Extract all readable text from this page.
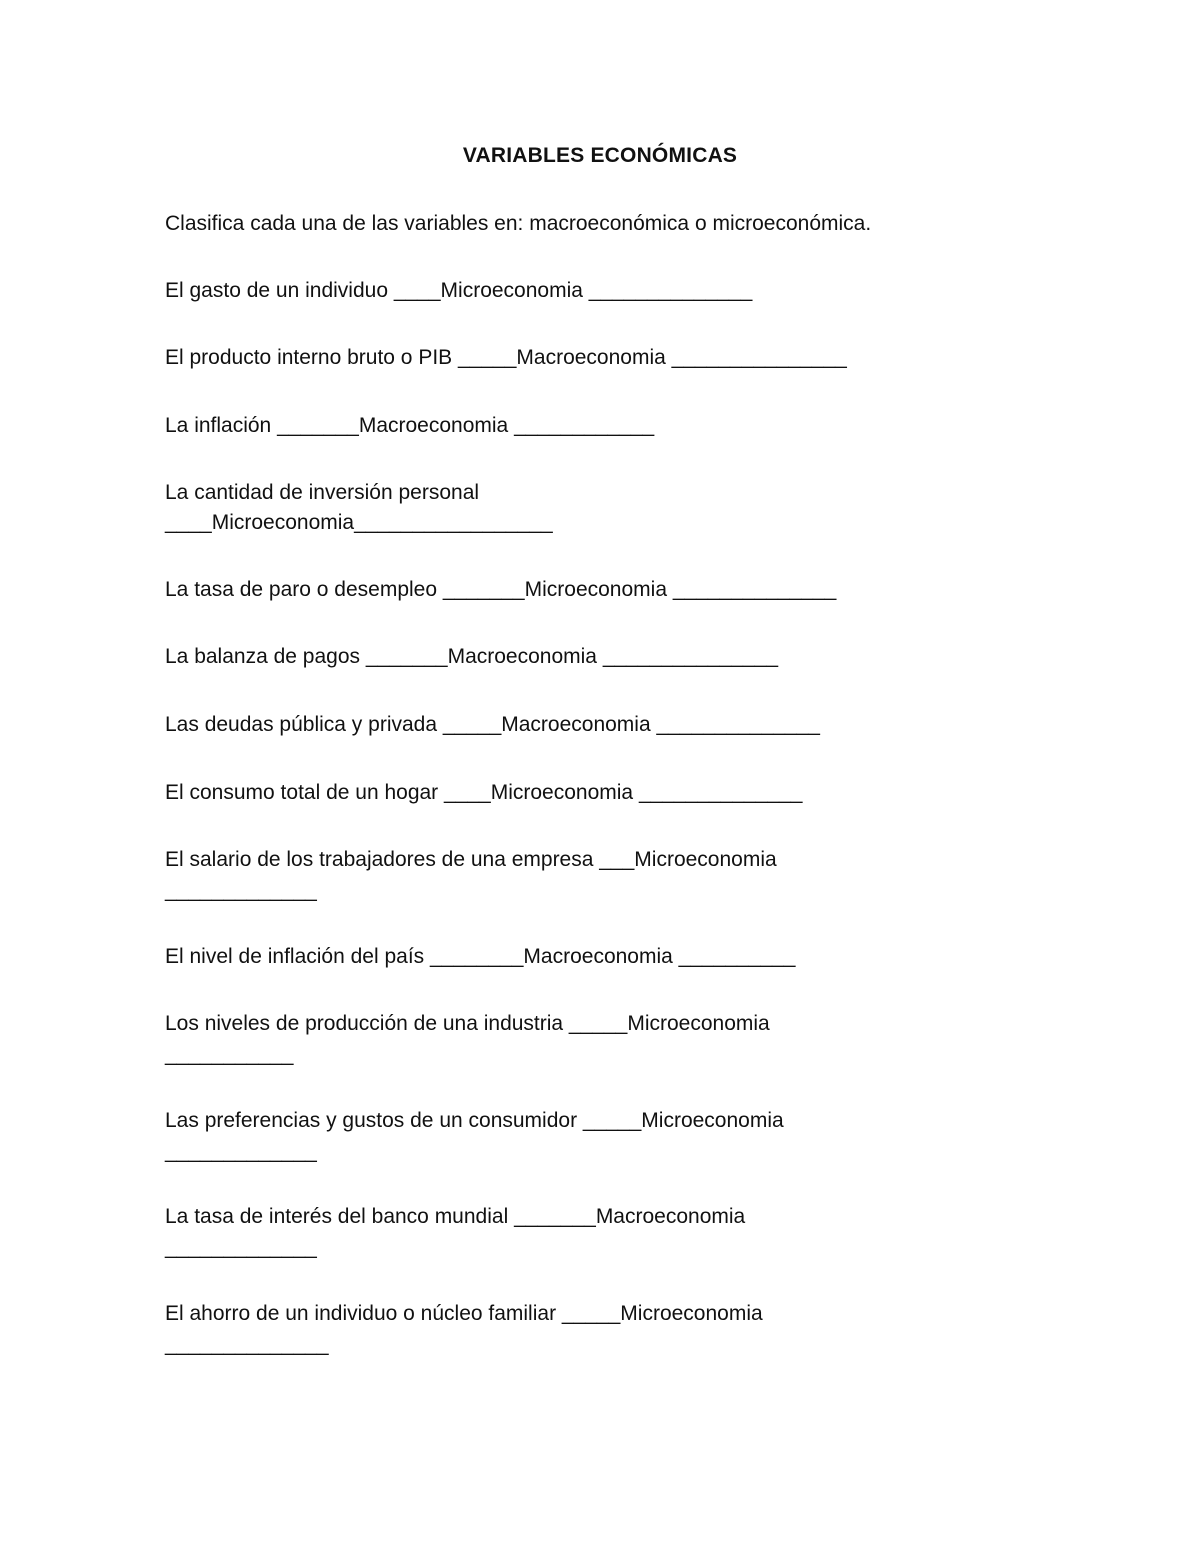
VARIABLES ECONÓMICAS

Clasifica cada una de las variables en: macroeconómica o microeconómica.

El gasto de un individuo ____Microeconomia ______________

El producto interno bruto o PIB _____Macroeconomia _______________

La inflación _______Macroeconomia ____________

La cantidad de inversión personal

____Microeconomia_________________

La tasa de paro o desempleo _______Microeconomia ______________

La balanza de pagos _______Macroeconomia _______________

Las deudas pública y privada _____Macroeconomia ______________

El consumo total de un hogar ____Microeconomia ______________

El salario de los trabajadores de una empresa ___Microeconomia

_____________

El nivel de inflación del país ________Macroeconomia __________

Los niveles de producción de una industria _____Microeconomia

___________

Las preferencias y gustos de un consumidor _____Microeconomia

_____________

La tasa de interés del banco mundial _______Macroeconomia

_____________

El ahorro de un individuo o núcleo familiar _____Microeconomia

______________
